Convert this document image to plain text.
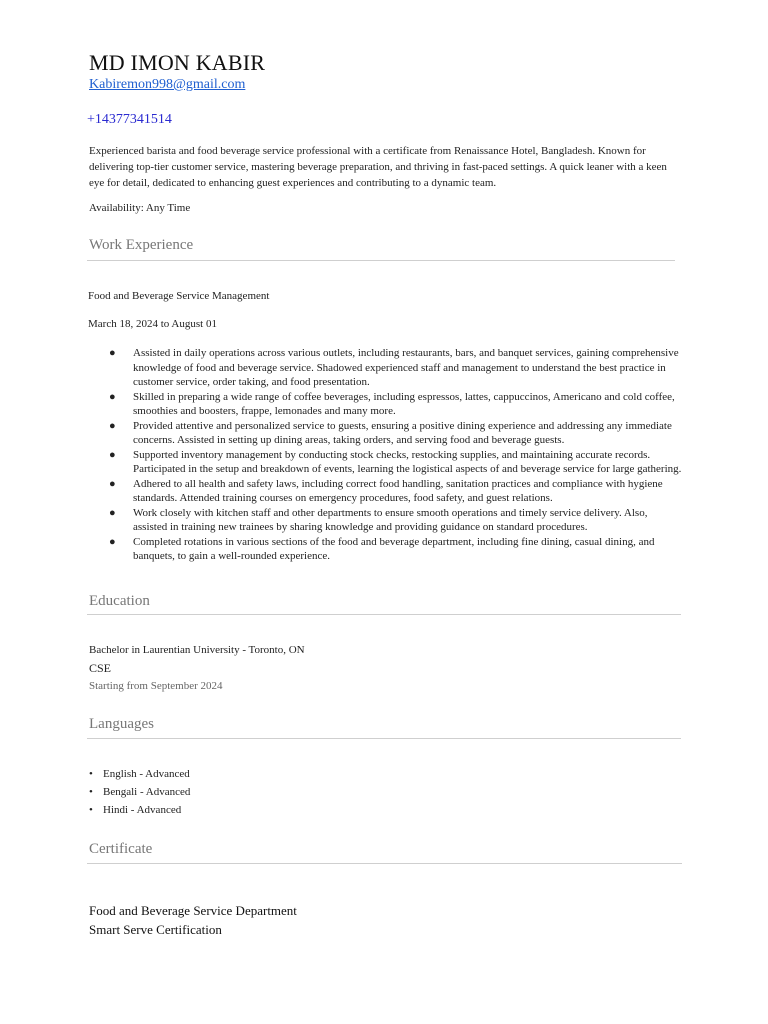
MD IMON KABIR
Kabiremon998@gmail.com
+14377341514
Experienced barista and food beverage service professional with a certificate from Renaissance Hotel, Bangladesh. Known for delivering top-tier customer service, mastering beverage preparation, and thriving in fast-paced settings. A quick leaner with a keen eye for detail, dedicated to enhancing guest experiences and contributing to a dynamic team.
Availability: Any Time
Work Experience
Food and Beverage Service Management
March 18, 2024 to August 01
● Assisted in daily operations across various outlets, including restaurants, bars, and banquet services, gaining comprehensive knowledge of food and beverage service. Shadowed experienced staff and management to understand the best practice in customer service, order taking, and food presentation.
● Skilled in preparing a wide range of coffee beverages, including espressos, lattes, cappuccinos, Americano and cold coffee, smoothies and boosters, frappe, lemonades and many more.
● Provided attentive and personalized service to guests, ensuring a positive dining experience and addressing any immediate concerns. Assisted in setting up dining areas, taking orders, and serving food and beverage guests.
● Supported inventory management by conducting stock checks, restocking supplies, and maintaining accurate records. Participated in the setup and breakdown of events, learning the logistical aspects of and beverage service for large gathering.
● Adhered to all health and safety laws, including correct food handling, sanitation practices and compliance with hygiene standards. Attended training courses on emergency procedures, food safety, and guest relations.
● Work closely with kitchen staff and other departments to ensure smooth operations and timely service delivery. Also, assisted in training new trainees by sharing knowledge and providing guidance on standard procedures.
● Completed rotations in various sections of the food and beverage department, including fine dining, casual dining, and banquets, to gain a well-rounded experience.
Education
Bachelor in Laurentian University - Toronto, ON
CSE
Starting from September 2024
Languages
• English - Advanced
• Bengali - Advanced
• Hindi - Advanced
Certificate
Food and Beverage Service Department
Smart Serve Certification
